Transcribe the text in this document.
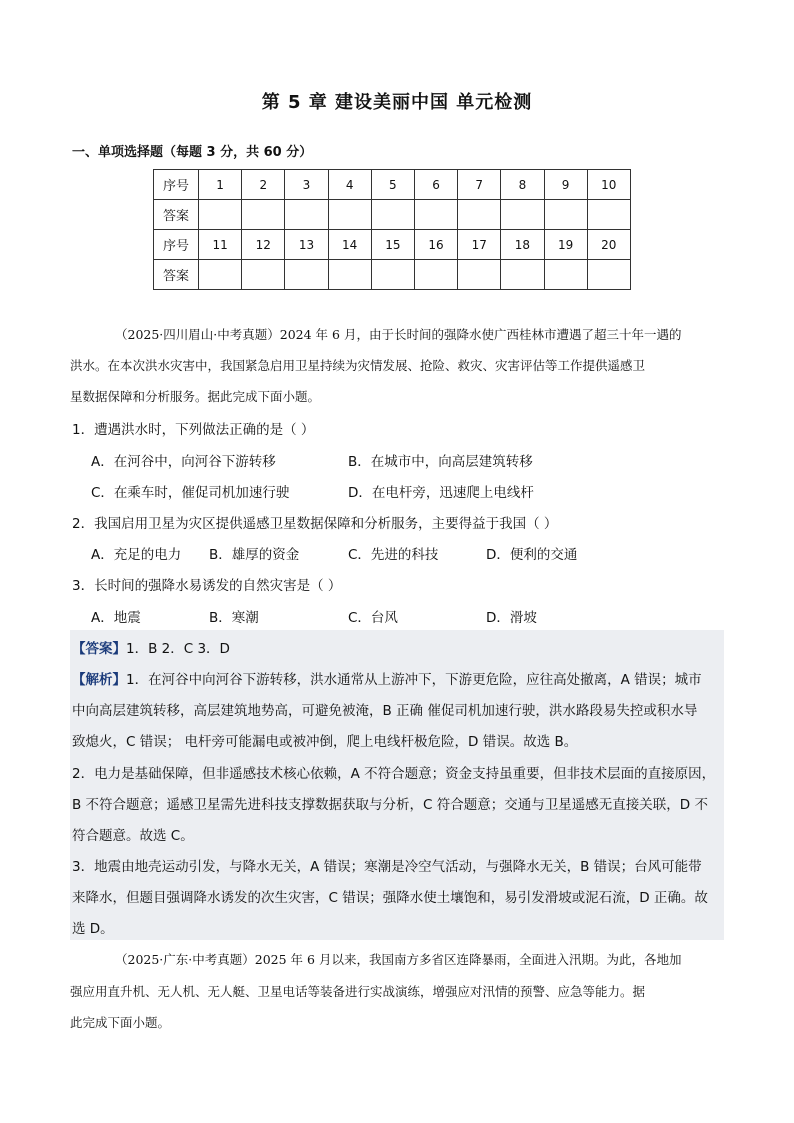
第 5 章 建设美丽中国 单元检测
一、单项选择题（每题 3 分，共 60 分）
序号	1	2	3	4	5	6	7	8	9	10
答案										
序号	11	12	13	14	15	16	17	18	19	20
答案										
（2025·四川眉山·中考真题）2024 年 6 月，由于长时间的强降水使广西桂林市遭遇了超三十年一遇的
洪水。在本次洪水灾害中，我国紧急启用卫星持续为灾情发展、抢险、救灾、灾害评估等工作提供遥感卫
星数据保障和分析服务。据此完成下面小题。
1．遭遇洪水时，下列做法正确的是（ ）
A．在河谷中，向河谷下游转移	B．在城市中，向高层建筑转移
C．在乘车时，催促司机加速行驶	D．在电杆旁，迅速爬上电线杆
2．我国启用卫星为灾区提供遥感卫星数据保障和分析服务，主要得益于我国（ ）
A．充足的电力 B．雄厚的资金	C．先进的科技	D．便利的交通
3．长时间的强降水易诱发的自然灾害是（ ）
A．地震	B．寒潮	C．台风	D．滑坡
【答案】1．B 2．C 3．D
【解析】1．在河谷中向河谷下游转移，洪水通常从上游冲下，下游更危险，应往高处撤离，A 错误；城市
中向高层建筑转移，高层建筑地势高，可避免被淹，B 正确 催促司机加速行驶，洪水路段易失控或积水导
致熄火，C 错误； 电杆旁可能漏电或被冲倒，爬上电线杆极危险，D 错误。故选 B。
2．电力是基础保障，但非遥感技术核心依赖，A 不符合题意；资金支持虽重要，但非技术层面的直接原因，
B 不符合题意；遥感卫星需先进科技支撑数据获取与分析，C 符合题意；交通与卫星遥感无直接关联，D 不
符合题意。故选 C。
3．地震由地壳运动引发，与降水无关，A 错误；寒潮是冷空气活动，与强降水无关，B 错误；台风可能带
来降水，但题目强调降水诱发的次生灾害，C 错误；强降水使土壤饱和，易引发滑坡或泥石流，D 正确。故
选 D。
（2025·广东·中考真题）2025 年 6 月以来，我国南方多省区连降暴雨，全面进入汛期。为此，各地加
强应用直升机、无人机、无人艇、卫星电话等装备进行实战演练，增强应对汛情的预警、应急等能力。据
此完成下面小题。
